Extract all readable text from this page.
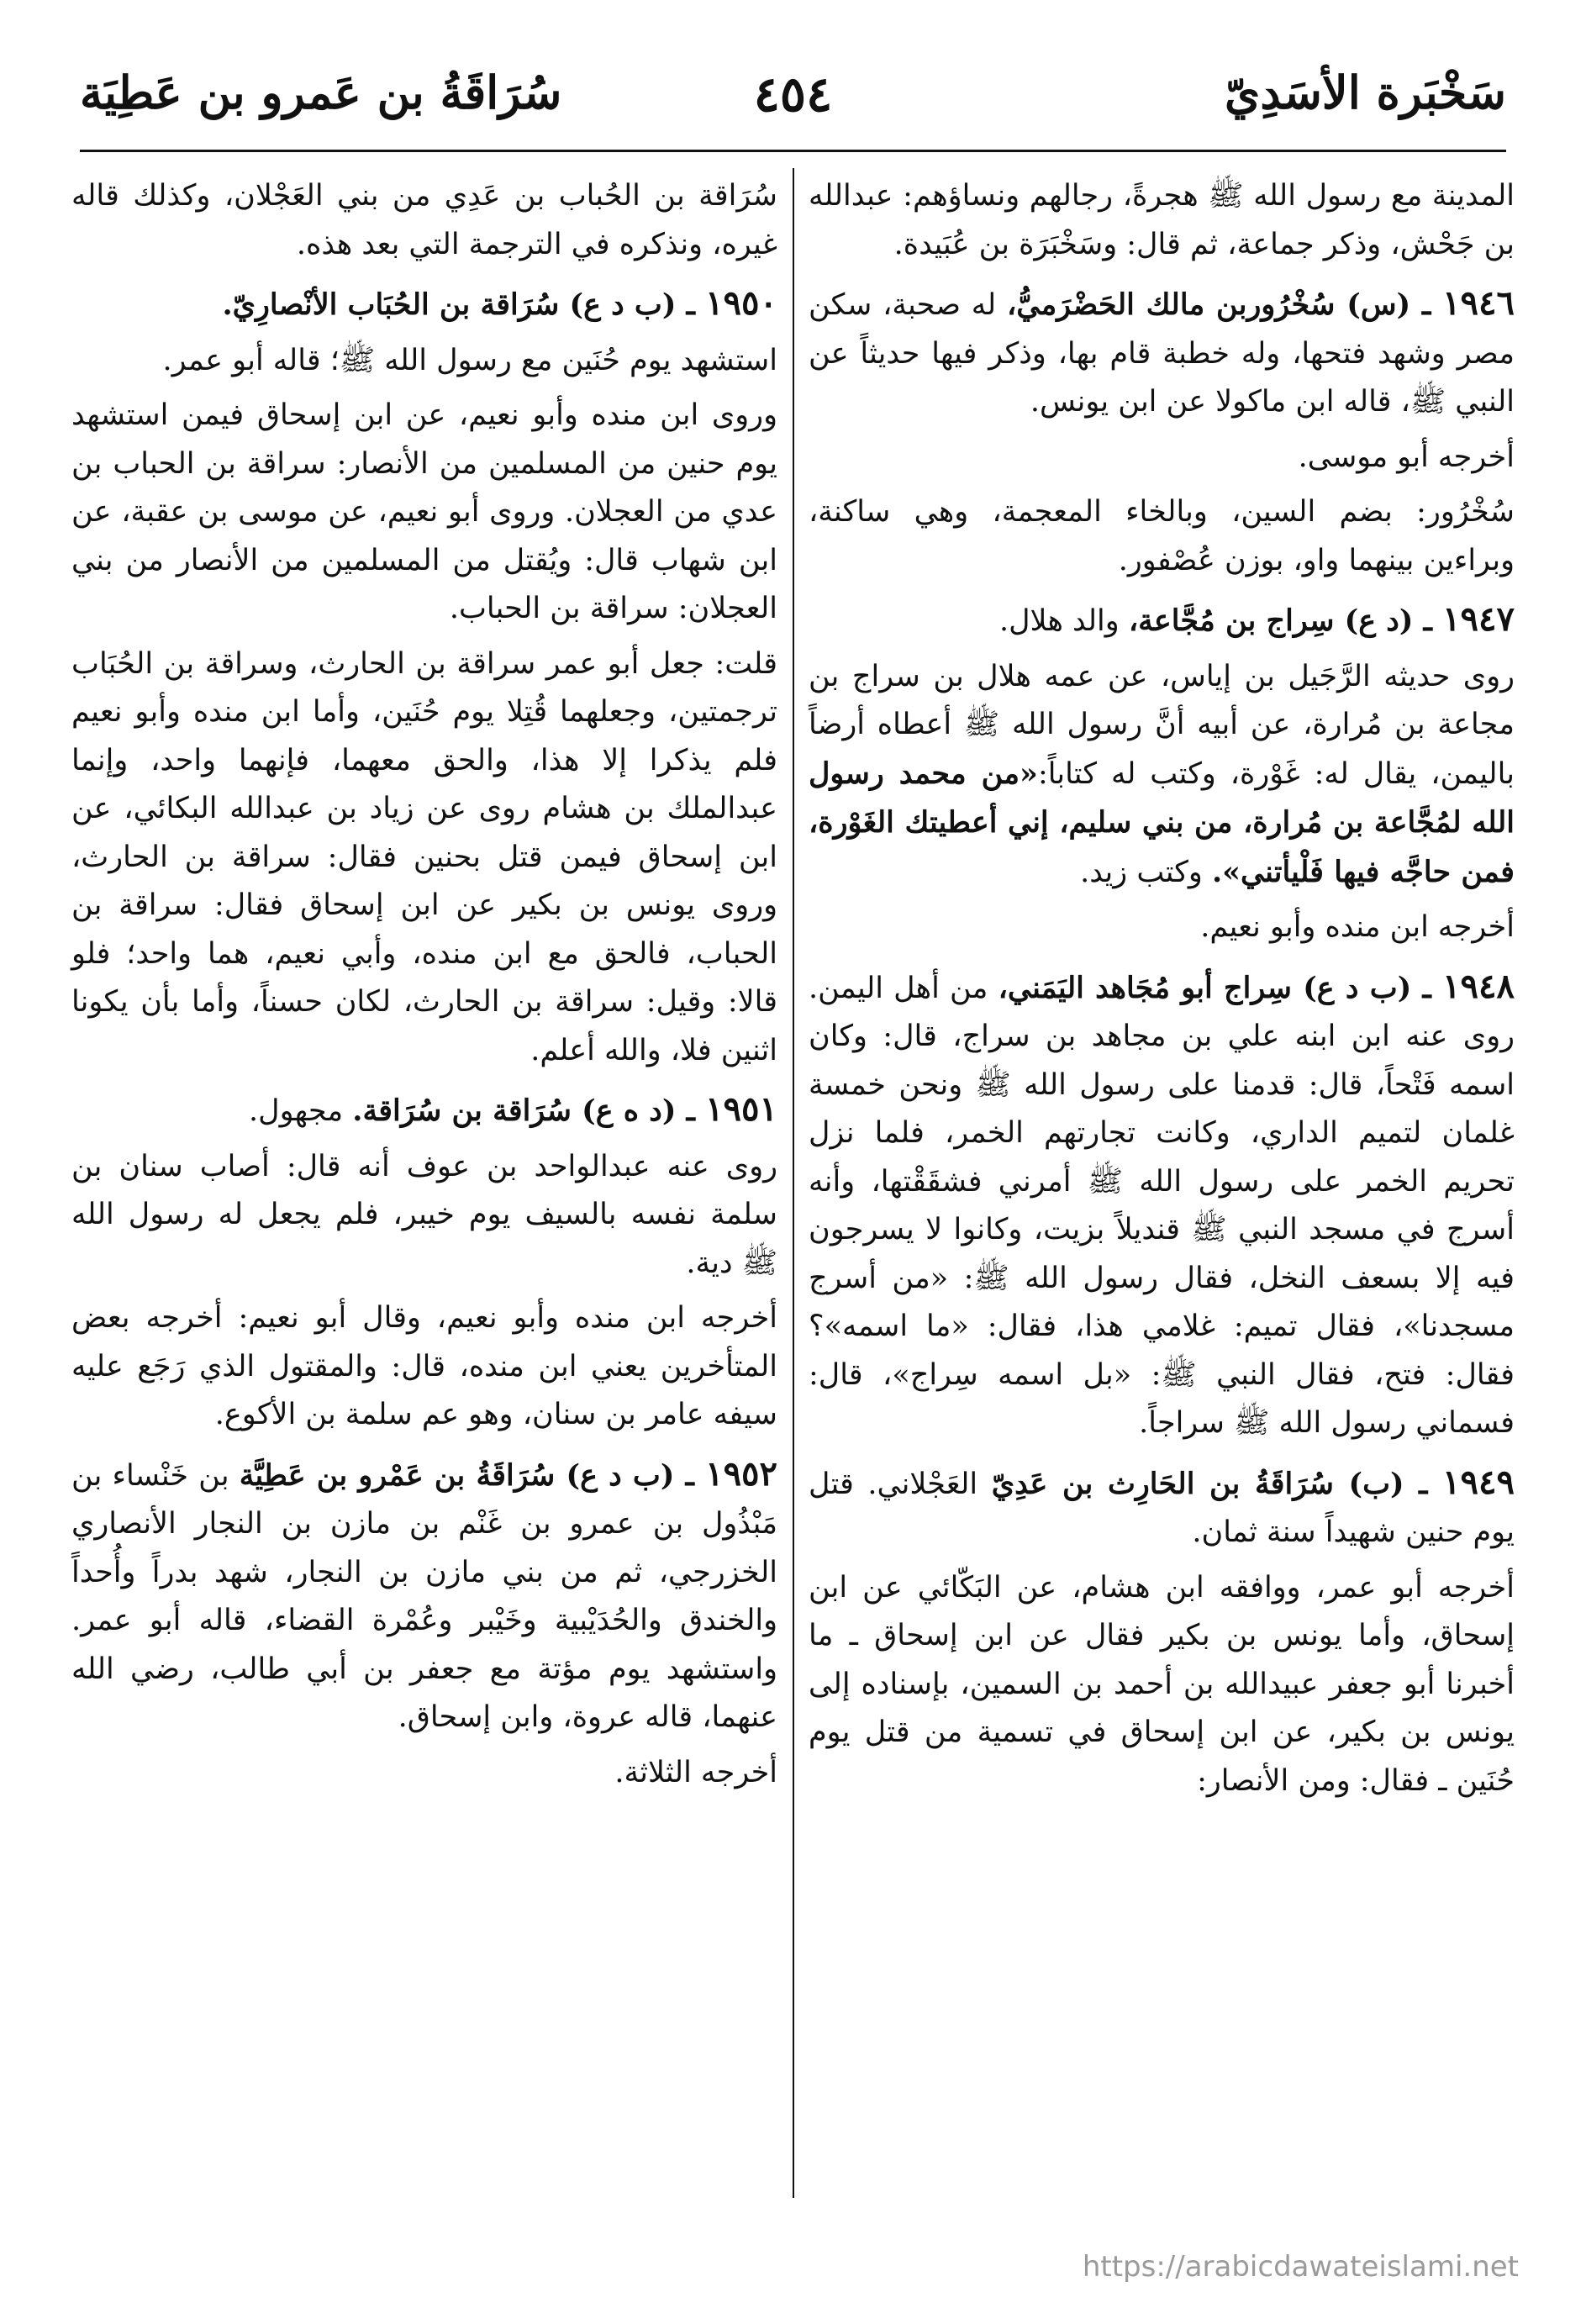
سَخْبَرة الأسَدِيّ
٤٥٤
سُرَاقَةُ بن عَمرو بن عَطِيَة

المدينة مع رسول الله ﷺ هجرةً، رجالهم ونساؤهم: عبدالله بن جَحْش، وذكر جماعة، ثم قال: وسَخْبَرَة بن عُبَيدة.

١٩٤٦ ـ (س) سُخْرُوربن مالك الحَضْرَميُّ، له صحبة، سكن مصر وشهد فتحها، وله خطبة قام بها، وذكر فيها حديثاً عن النبي ﷺ، قاله ابن ماكولا عن ابن يونس.

أخرجه أبو موسى.

سُخْرُور: بضم السين، وبالخاء المعجمة، وهي ساكنة، وبراءين بينهما واو، بوزن عُصْفور.

١٩٤٧ ـ (د ع) سِراج بن مُجَّاعة، والد هلال.

روى حديثه الرَّجَيل بن إياس، عن عمه هلال بن سراج بن مجاعة بن مُرارة، عن أبيه أنَّ رسول الله ﷺ أعطاه أرضاً باليمن، يقال له: غَوْرة، وكتب له كتاباً:«من محمد رسول الله لمُجَّاعة بن مُرارة، من بني سليم، إني أعطيتك الغَوْرة، فمن حاجَّه فيها فَلْيأتني». وكتب زيد.

أخرجه ابن منده وأبو نعيم.

١٩٤٨ ـ (ب د ع) سِراج أبو مُجَاهد اليَمَني، من أهل اليمن. روى عنه ابن ابنه علي بن مجاهد بن سراج، قال: وكان اسمه فَتْحاً، قال: قدمنا على رسول الله ﷺ ونحن خمسة غلمان لتميم الداري، وكانت تجارتهم الخمر، فلما نزل تحريم الخمر على رسول الله ﷺ أمرني فشقَقْتها، وأنه أسرج في مسجد النبي ﷺ قنديلاً بزيت، وكانوا لا يسرجون فيه إلا بسعف النخل، فقال رسول الله ﷺ: «من أسرج مسجدنا»، فقال تميم: غلامي هذا، فقال: «ما اسمه»؟ فقال: فتح، فقال النبي ﷺ: «بل اسمه سِراج»، قال: فسماني رسول الله ﷺ سراجاً.

١٩٤٩ ـ (ب) سُرَاقَةُ بن الحَارِث بن عَدِيّ العَجْلاني. قتل يوم حنين شهيداً سنة ثمان.

أخرجه أبو عمر، ووافقه ابن هشام، عن البَكّائي عن ابن إسحاق، وأما يونس بن بكير فقال عن ابن إسحاق ـ ما أخبرنا أبو جعفر عبيدالله بن أحمد بن السمين، بإسناده إلى يونس بن بكير، عن ابن إسحاق في تسمية من قتل يوم حُنَين ـ فقال: ومن الأنصار:

سُرَاقة بن الحُباب بن عَدِي من بني العَجْلان، وكذلك قاله غيره، ونذكره في الترجمة التي بعد هذه.

١٩٥٠ ـ (ب د ع) سُرَاقة بن الحُبَاب الأنْصارِيّ.

استشهد يوم حُنَين مع رسول الله ﷺ؛ قاله أبو عمر.

وروى ابن منده وأبو نعيم، عن ابن إسحاق فيمن استشهد يوم حنين من المسلمين من الأنصار: سراقة بن الحباب بن عدي من العجلان. وروى أبو نعيم، عن موسى بن عقبة، عن ابن شهاب قال: ويُقتل من المسلمين من الأنصار من بني العجلان: سراقة بن الحباب.

قلت: جعل أبو عمر سراقة بن الحارث، وسراقة بن الحُبَاب ترجمتين، وجعلهما قُتِلا يوم حُنَين، وأما ابن منده وأبو نعيم فلم يذكرا إلا هذا، والحق معهما، فإنهما واحد، وإنما عبدالملك بن هشام روى عن زياد بن عبدالله البكائي، عن ابن إسحاق فيمن قتل بحنين فقال: سراقة بن الحارث، وروى يونس بن بكير عن ابن إسحاق فقال: سراقة بن الحباب، فالحق مع ابن منده، وأبي نعيم، هما واحد؛ فلو قالا: وقيل: سراقة بن الحارث، لكان حسناً، وأما بأن يكونا اثنين فلا، والله أعلم.

١٩٥١ ـ (د ه ع) سُرَاقة بن سُرَاقة. مجهول.

روى عنه عبدالواحد بن عوف أنه قال: أصاب سنان بن سلمة نفسه بالسيف يوم خيبر، فلم يجعل له رسول الله ﷺ دية.

أخرجه ابن منده وأبو نعيم، وقال أبو نعيم: أخرجه بعض المتأخرين يعني ابن منده، قال: والمقتول الذي رَجَع عليه سيفه عامر بن سنان، وهو عم سلمة بن الأكوع.

١٩٥٢ ـ (ب د ع) سُرَاقَةُ بن عَمْرو بن عَطِيَّة بن خَنْساء بن مَبْذُول بن عمرو بن غَنْم بن مازن بن النجار الأنصاري الخزرجي، ثم من بني مازن بن النجار، شهد بدراً وأُحداً والخندق والحُدَيْبية وخَيْبر وعُمْرة القضاء، قاله أبو عمر. واستشهد يوم مؤتة مع جعفر بن أبي طالب، رضي الله عنهما، قاله عروة، وابن إسحاق.

أخرجه الثلاثة.

https://arabicdawateislami.net
